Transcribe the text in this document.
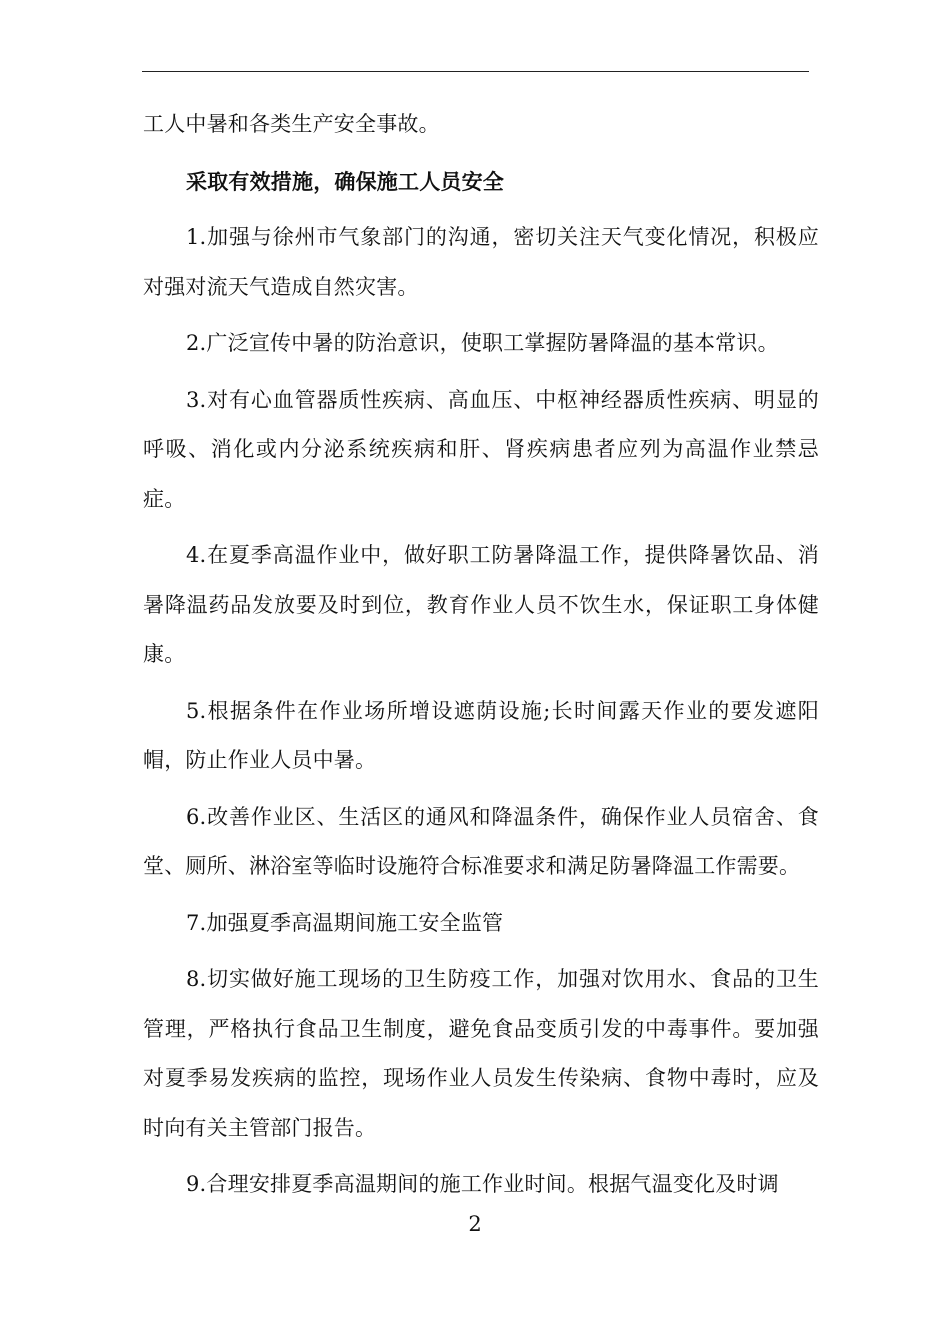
工人中暑和各类生产安全事故。

采取有效措施，确保施工人员安全

1.加强与徐州市气象部门的沟通，密切关注天气变化情况，积极应对强对流天气造成自然灾害。

2.广泛宣传中暑的防治意识，使职工掌握防暑降温的基本常识。

3.对有心血管器质性疾病、高血压、中枢神经器质性疾病、明显的呼吸、消化或内分泌系统疾病和肝、肾疾病患者应列为高温作业禁忌症。

4.在夏季高温作业中，做好职工防暑降温工作，提供降暑饮品、消暑降温药品发放要及时到位，教育作业人员不饮生水，保证职工身体健康。

5.根据条件在作业场所增设遮荫设施;长时间露天作业的要发遮阳帽，防止作业人员中暑。

6.改善作业区、生活区的通风和降温条件，确保作业人员宿舍、食堂、厕所、淋浴室等临时设施符合标准要求和满足防暑降温工作需要。

7.加强夏季高温期间施工安全监管

8.切实做好施工现场的卫生防疫工作，加强对饮用水、食品的卫生管理，严格执行食品卫生制度，避免食品变质引发的中毒事件。要加强对夏季易发疾病的监控，现场作业人员发生传染病、食物中毒时，应及时向有关主管部门报告。

9.合理安排夏季高温期间的施工作业时间。根据气温变化及时调

2
